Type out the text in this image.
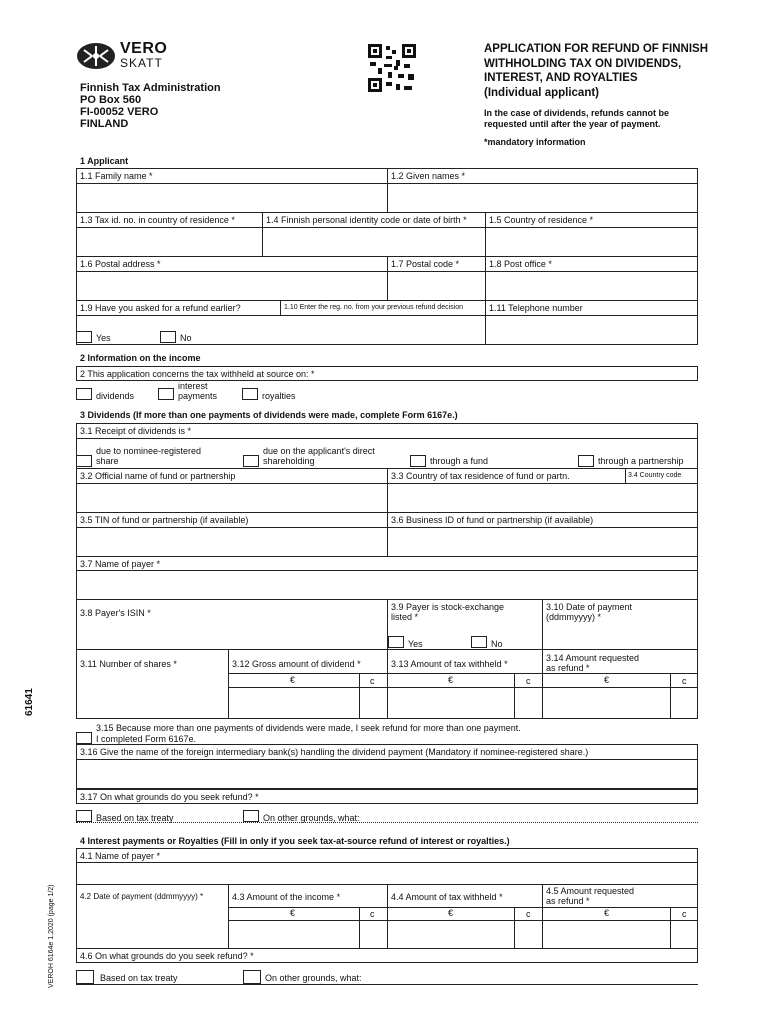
VERO
SKATT
Finnish Tax Administration
PO Box 560
FI-00052 VERO
FINLAND
APPLICATION FOR REFUND OF FINNISH
WITHHOLDING TAX ON DIVIDENDS,
INTEREST, AND ROYALTIES
(Individual applicant)
In the case of dividends, refunds cannot be
requested until after the year of payment.
*mandatory information
61641
VEROH 6164e 1.2020 (page 1/2)
1 Applicant
1.1 Family name *	1.2 Given names *
1.3 Tax id. no. in country of residence *	1.4 Finnish personal identity code or date of birth * 1.5 Country of residence *
1.6 Postal address *	1.7 Postal code *	1.8 Post office *
1.9 Have you asked for a refund earlier?	1.10 Enter the reg. no. from your previous refund decision	1.11 Telephone number
Yes	No
2 Information on the income
2 This application concerns the tax withheld at source on: *
dividends
interest
payments	royalties
3 Dividends (If more than one payments of dividends were made, complete Form 6167e.)
3.1 Receipt of dividends is *
due to nominee-registered
share
due on the applicant's direct
shareholding	through a fund	through a partnership
3.2 Official name of fund or partnership	3.3 Country of tax residence of fund or partn.	3.4 Country code
3.5 TIN of fund or partnership (if available)	3.6 Business ID of fund or partnership (if available)
3.7 Name of payer *
3.8 Payer's ISIN *
3.9 Payer is stock-exchange
listed *
3.10 Date of payment
(ddmmyyyy) *
Yes	No
3.11 Number of shares *	3.12 Gross amount of dividend *	3.13 Amount of tax withheld *
3.14 Amount requested
as refund *
€	c	€	c	€	c
3.15 Because more than one payments of dividends were made, I seek refund for more than one payment.
I completed Form 6167e.
3.16 Give the name of the foreign intermediary bank(s) handling the dividend payment (Mandatory if nominee-registered share.)
3.17 On what grounds do you seek refund? *
Based on tax treaty	On other grounds, what:
4 Interest payments or Royalties (Fill in only if you seek tax-at-source refund of interest or royalties.)
4.1 Name of payer *
4.2 Date of payment (ddmmyyyy) *	4.3 Amount of the income *	4.4 Amount of tax withheld *
4.5 Amount requested
as refund *
€	c	€	c	€	c
4.6 On what grounds do you seek refund? *
Based on tax treaty	On other grounds, what:
